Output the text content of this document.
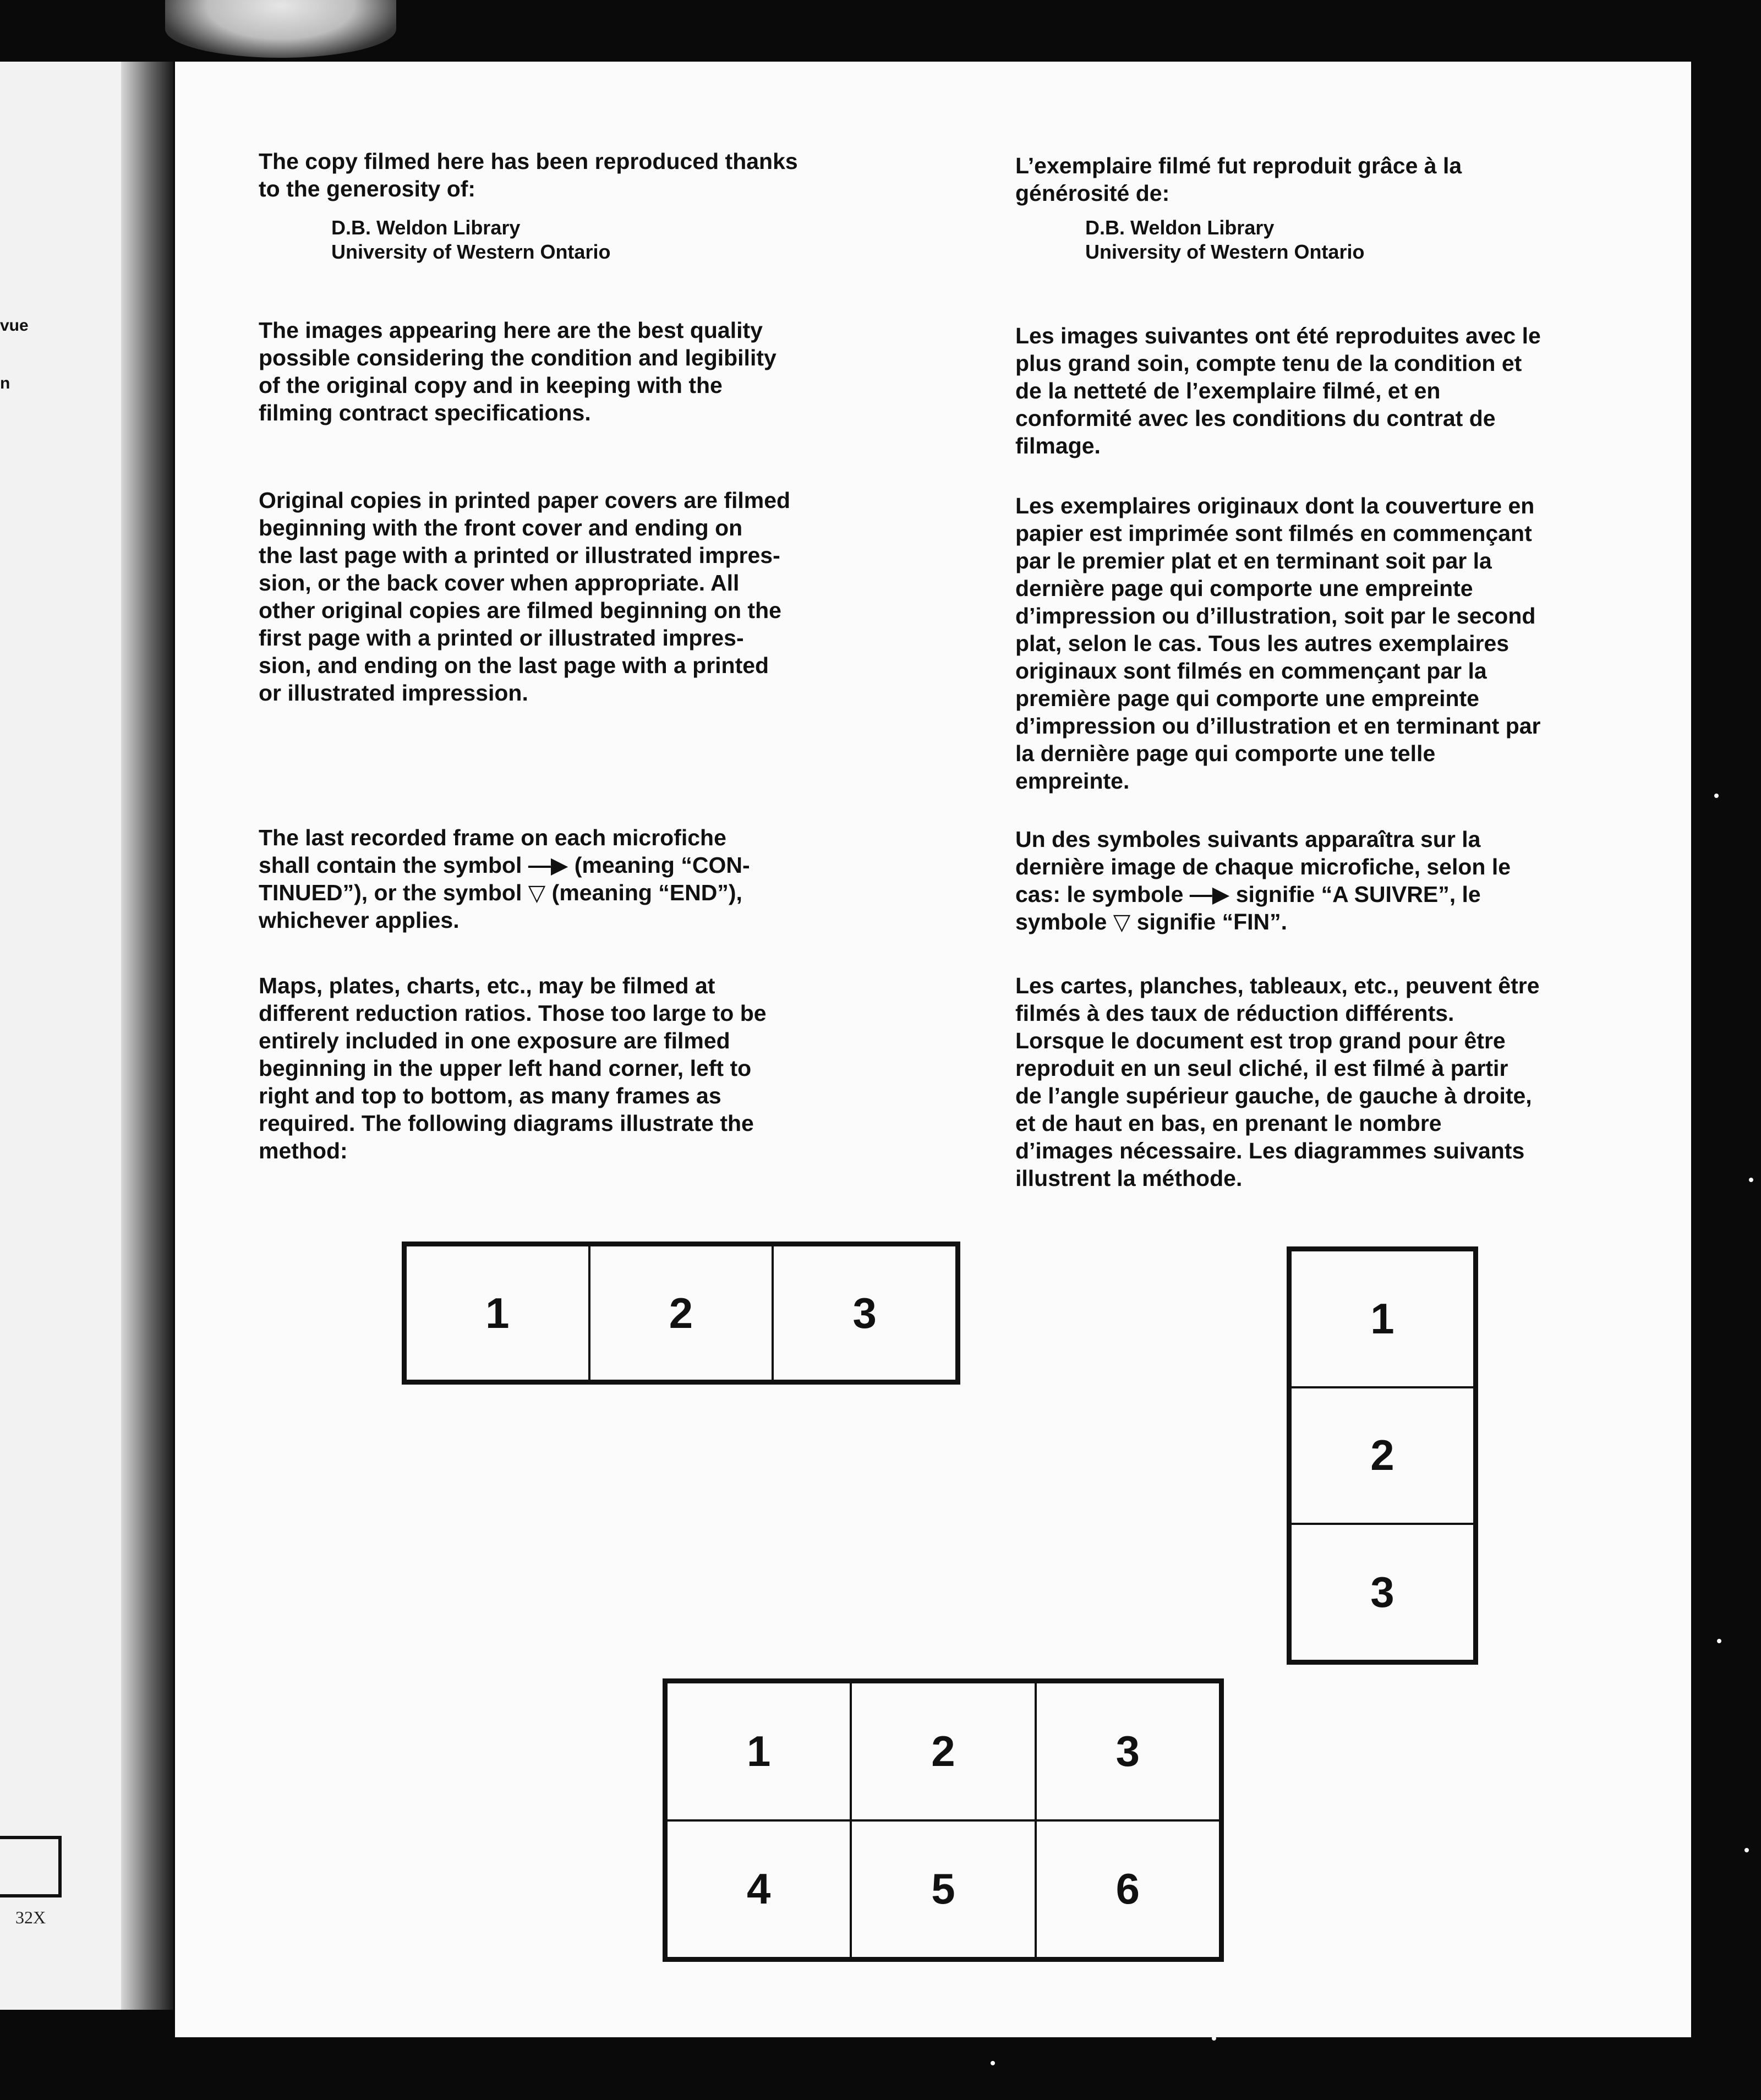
vue
n
32X

The copy filmed here has been reproduced thanks
to the generosity of:

D.B. Weldon Library
University of Western Ontario

The images appearing here are the best quality
possible considering the condition and legibility
of the original copy and in keeping with the
filming contract specifications.

Original copies in printed paper covers are filmed
beginning with the front cover and ending on
the last page with a printed or illustrated impres-
sion, or the back cover when appropriate. All
other original copies are filmed beginning on the
first page with a printed or illustrated impres-
sion, and ending on the last page with a printed
or illustrated impression.

The last recorded frame on each microfiche
shall contain the symbol —▶ (meaning “CON-
TINUED”), or the symbol ▽ (meaning “END”),
whichever applies.

Maps, plates, charts, etc., may be filmed at
different reduction ratios. Those too large to be
entirely included in one exposure are filmed
beginning in the upper left hand corner, left to
right and top to bottom, as many frames as
required. The following diagrams illustrate the
method:

L’exemplaire filmé fut reproduit grâce à la
générosité de:

D.B. Weldon Library
University of Western Ontario

Les images suivantes ont été reproduites avec le
plus grand soin, compte tenu de la condition et
de la netteté de l’exemplaire filmé, et en
conformité avec les conditions du contrat de
filmage.

Les exemplaires originaux dont la couverture en
papier est imprimée sont filmés en commençant
par le premier plat et en terminant soit par la
dernière page qui comporte une empreinte
d’impression ou d’illustration, soit par le second
plat, selon le cas. Tous les autres exemplaires
originaux sont filmés en commençant par la
première page qui comporte une empreinte
d’impression ou d’illustration et en terminant par
la dernière page qui comporte une telle
empreinte.

Un des symboles suivants apparaîtra sur la
dernière image de chaque microfiche, selon le
cas: le symbole —▶ signifie “A SUIVRE”, le
symbole ▽ signifie “FIN”.

Les cartes, planches, tableaux, etc., peuvent être
filmés à des taux de réduction différents.
Lorsque le document est trop grand pour être
reproduit en un seul cliché, il est filmé à partir
de l’angle supérieur gauche, de gauche à droite,
et de haut en bas, en prenant le nombre
d’images nécessaire. Les diagrammes suivants
illustrent la méthode.

1	2	3	1
2
3
1	2	3
4	5	6
